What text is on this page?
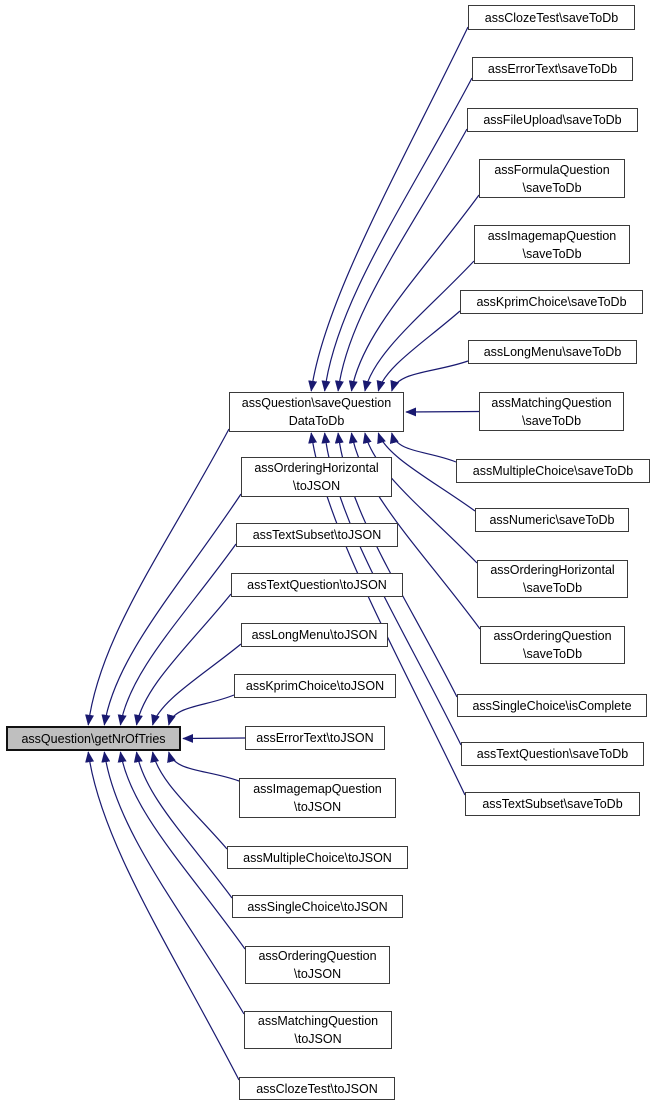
assClozeTest\saveToDb
assErrorText\saveToDb
assFileUpload\saveToDb
assFormulaQuestion
\saveToDb
assImagemapQuestion
\saveToDb
assKprimChoice\saveToDb
assLongMenu\saveToDb
assQuestion\saveQuestion
DataToDb
assMatchingQuestion
\saveToDb
assMultipleChoice\saveToDb
assOrderingHorizontal
\toJSON
assNumeric\saveToDb
assTextSubset\toJSON
assOrderingHorizontal
\saveToDb
assTextQuestion\toJSON
assLongMenu\toJSON	assOrderingQuestion
\saveToDb
assKprimChoice\toJSON
assSingleChoice\isComplete
assQuestion\getNrOfTries	assErrorText\toJSON
assTextQuestion\saveToDb
assImagemapQuestion
\toJSON	assTextSubset\saveToDb
assMultipleChoice\toJSON
assSingleChoice\toJSON
assOrderingQuestion
\toJSON
assMatchingQuestion
\toJSON
assClozeTest\toJSON
